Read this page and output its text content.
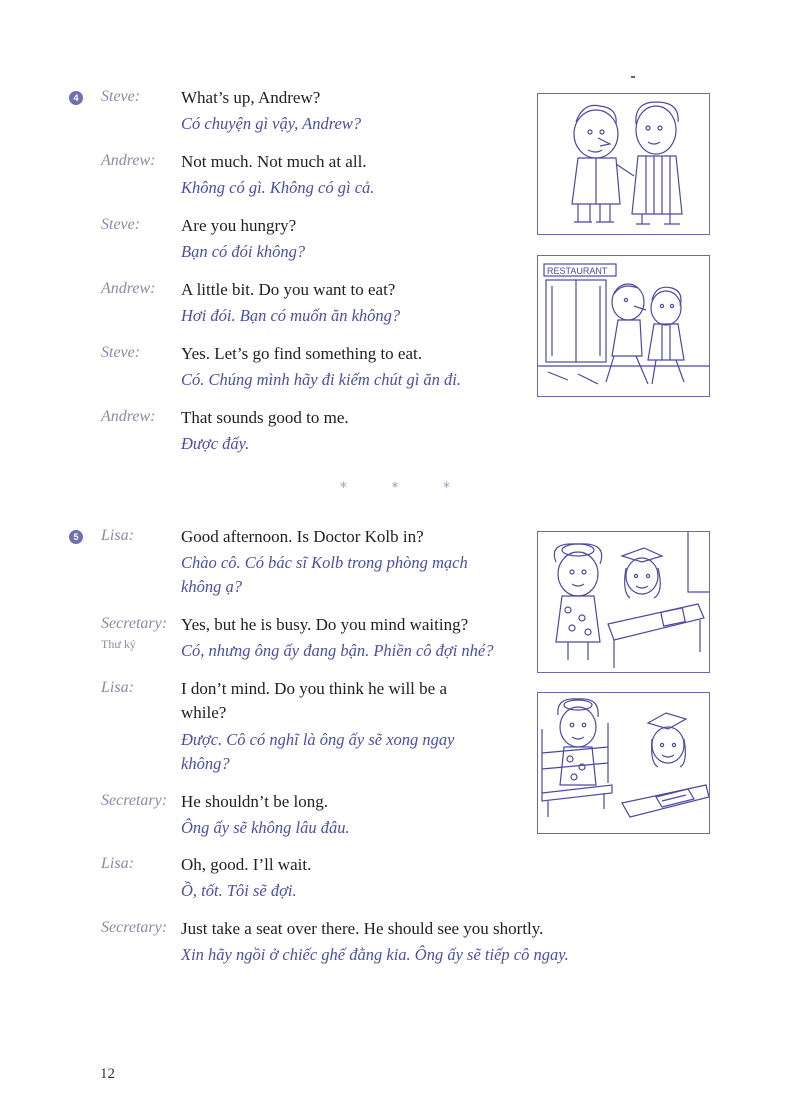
4 Steve: What’s up, Andrew?
Có chuyện gì vậy, Andrew?
Andrew: Not much. Not much at all.
Không có gì. Không có gì cả.
Steve: Are you hungry?
Bạn có đói không?
Andrew: A little bit. Do you want to eat?
Hơi đói. Bạn có muốn ăn không?
Steve: Yes. Let’s go find something to eat.
Có. Chúng mình hãy đi kiếm chút gì ăn đi.
Andrew: That sounds good to me.
Được đấy.
RESTAURANT
*	*	*
5 Lisa:	Good afternoon. Is Doctor Kolb in?
Chào cô. Có bác sĩ Kolb trong phòng mạch
không ạ?
Secretary:
Thư ký
Yes, but he is busy. Do you mind waiting?
Có, nhưng ông ấy đang bận. Phiền cô đợi nhé?
Lisa:	I don’t mind. Do you think he will be a
while?
Được. Cô có nghĩ là ông ấy sẽ xong ngay
không?
Secretary: He shouldn’t be long.
Ông ấy sẽ không lâu đâu.
Lisa:	Oh, good. I’ll wait.
Ồ, tốt. Tôi sẽ đợi.
Secretary: Just take a seat over there. He should see you shortly.
Xin hãy ngồi ở chiếc ghế đằng kia. Ông ấy sẽ tiếp cô ngay.
12
